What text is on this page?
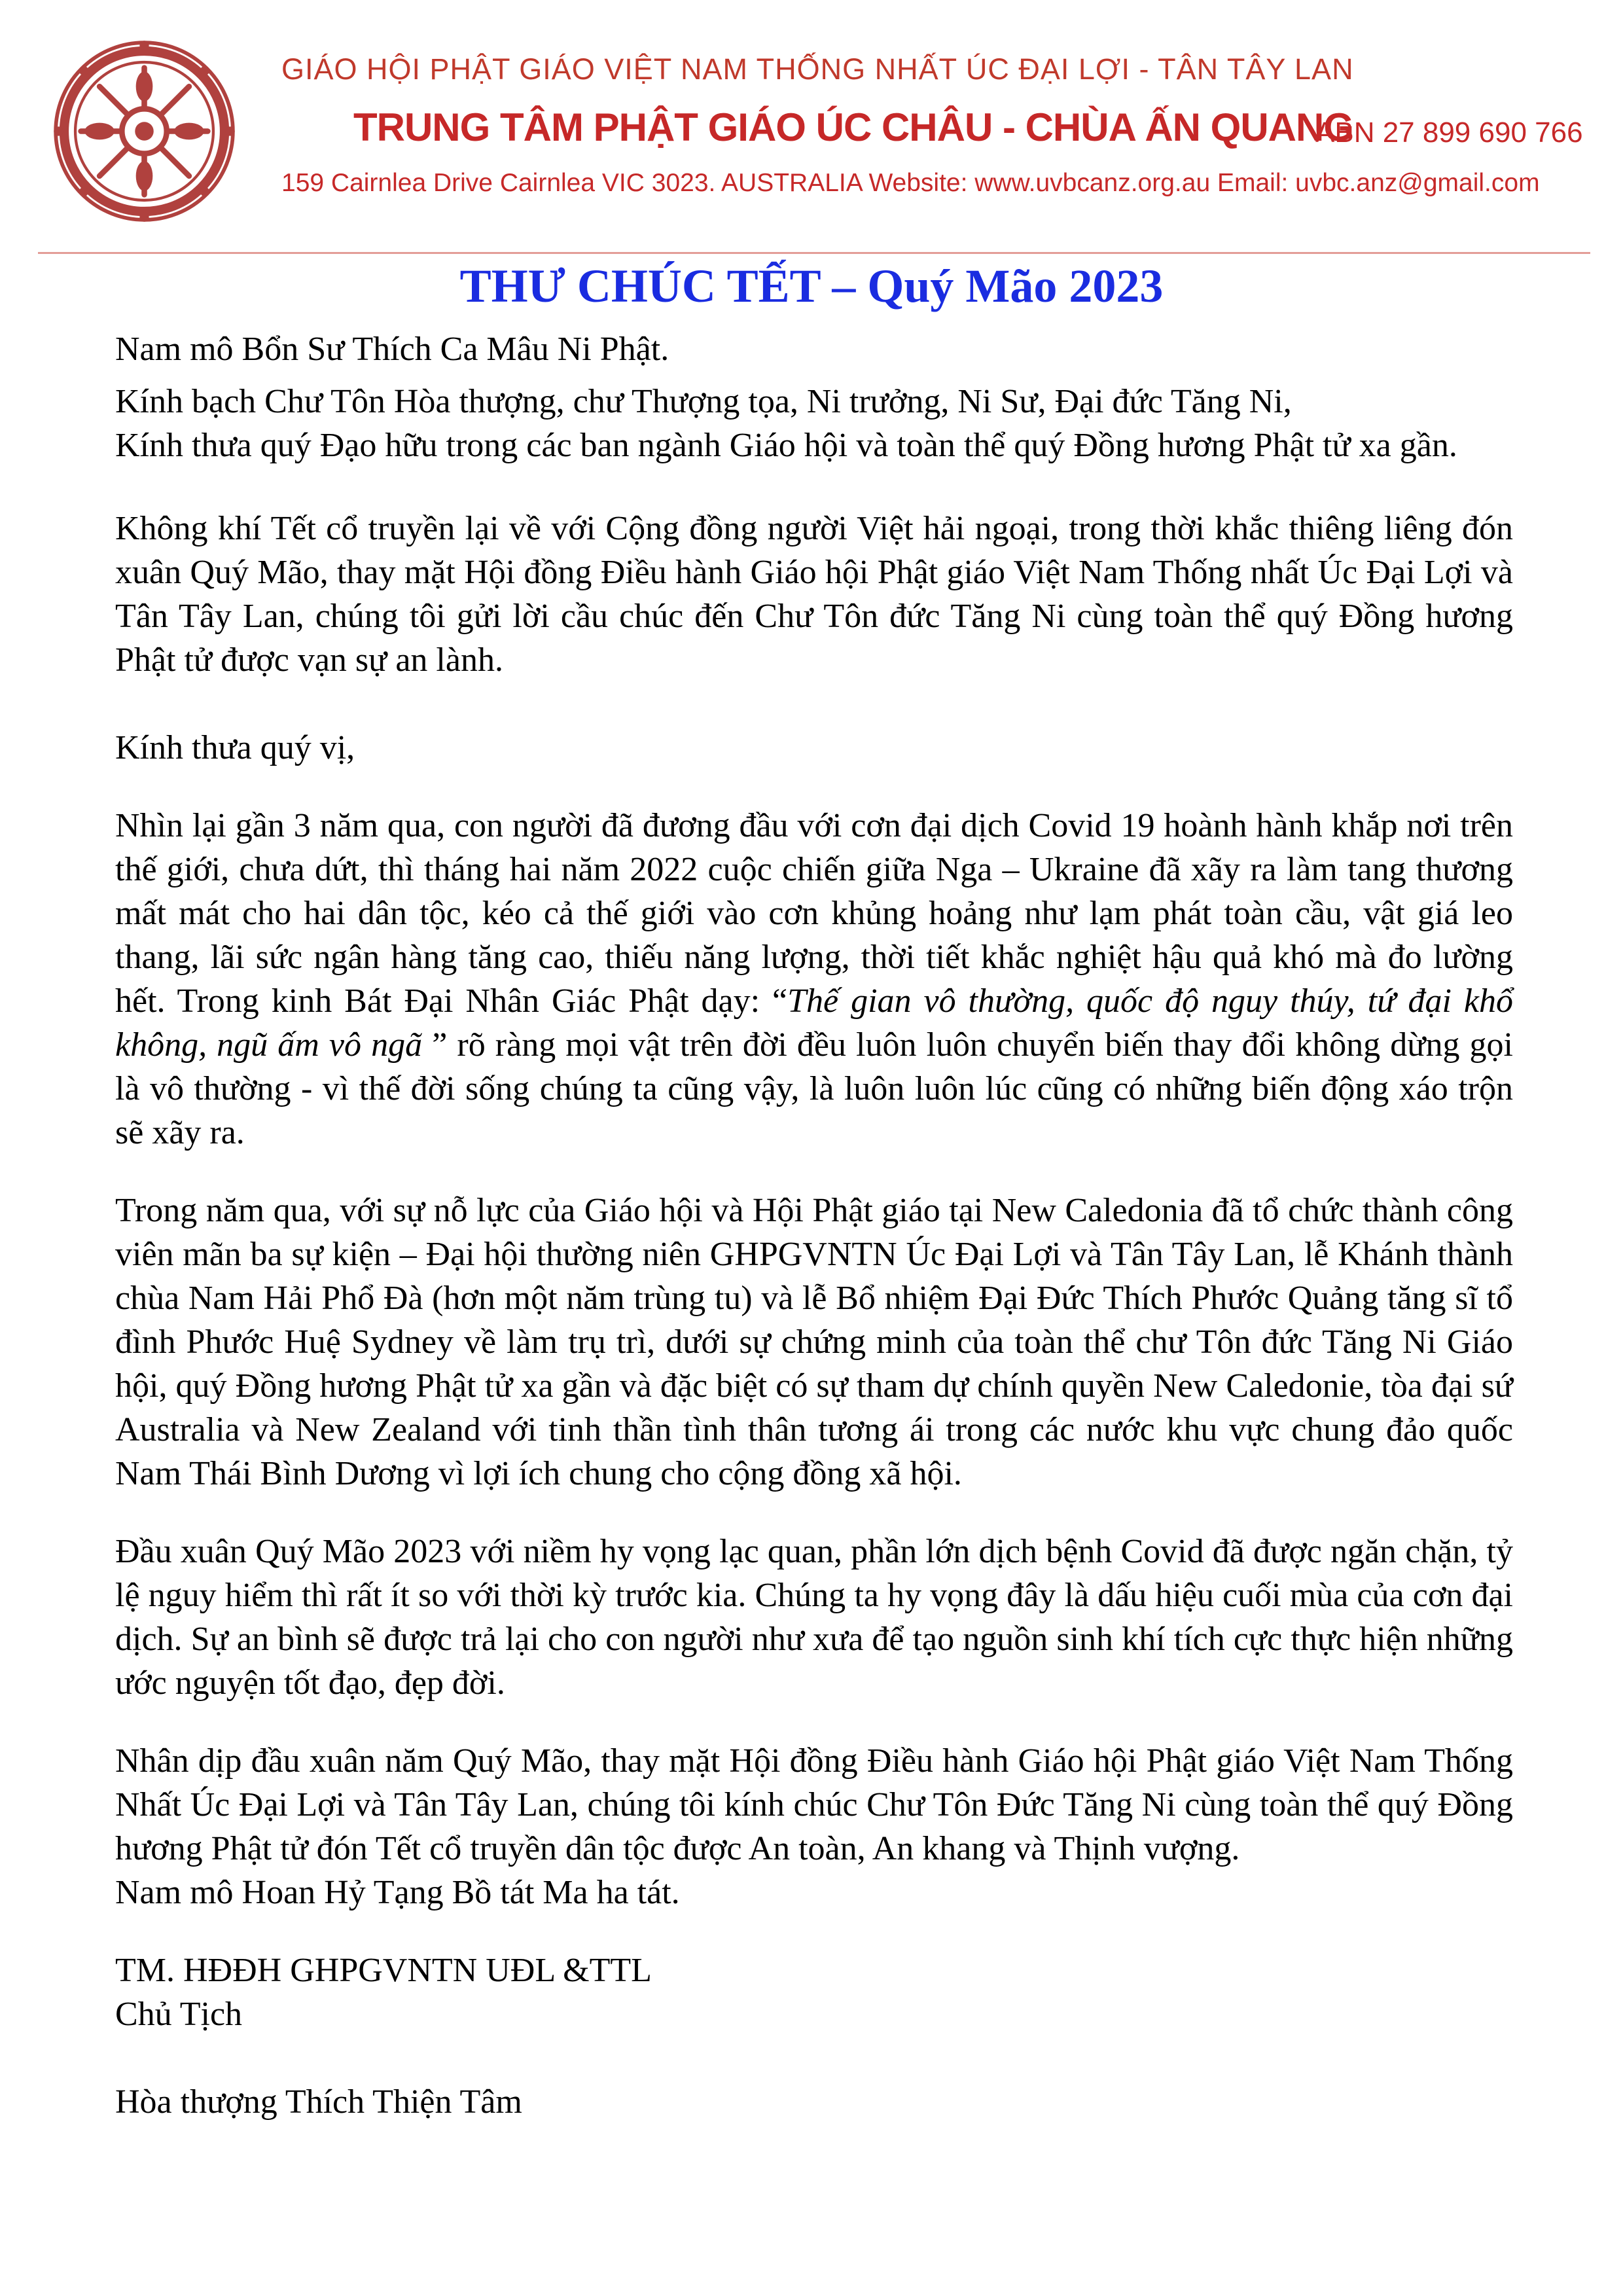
GIÁO HỘI PHẬT GIÁO VIỆT NAM THỐNG NHẤT ÚC ĐẠI LỢI - TÂN TÂY LAN
TRUNG TÂM PHẬT GIÁO ÚC CHÂU - CHÙA ẤN QUANG
ABN 27 899 690 766
159 Cairnlea Drive Cairnlea VIC 3023. AUSTRALIA Website: www.uvbcanz.org.au Email: uvbc.anz@gmail.com
THƯ CHÚC TẾT – Quý Mão 2023

Nam mô Bổn Sư Thích Ca Mâu Ni Phật.

Kính bạch Chư Tôn Hòa thượng, chư Thượng tọa, Ni trưởng, Ni Sư, Đại đức Tăng Ni,

Kính thưa quý Đạo hữu trong các ban ngành Giáo hội và toàn thể quý Đồng hương Phật tử xa gần.

Không khí Tết cổ truyền lại về với Cộng đồng người Việt hải ngoại, trong thời khắc thiêng liêng đón xuân Quý Mão, thay mặt Hội đồng Điều hành Giáo hội Phật giáo Việt Nam Thống nhất Úc Đại Lợi và Tân Tây Lan, chúng tôi gửi lời cầu chúc đến Chư Tôn đức Tăng Ni cùng toàn thể quý Đồng hương Phật tử được vạn sự an lành.

Kính thưa quý vị,

Nhìn lại gần 3 năm qua, con người đã đương đầu với cơn đại dịch Covid 19 hoành hành khắp nơi trên thế giới, chưa dứt, thì tháng hai năm 2022 cuộc chiến giữa Nga – Ukraine đã xãy ra làm tang thương mất mát cho hai dân tộc, kéo cả thế giới vào cơn khủng hoảng như lạm phát toàn cầu, vật giá leo thang, lãi sức ngân hàng tăng cao, thiếu năng lượng, thời tiết khắc nghiệt hậu quả khó mà đo lường hết. Trong kinh Bát Đại Nhân Giác Phật dạy: “Thế gian vô thường, quốc độ nguy thúy, tứ đại khổ không, ngũ ấm vô ngã ” rõ ràng mọi vật trên đời đều luôn luôn chuyển biến thay đổi không dừng gọi là vô thường - vì thế đời sống chúng ta cũng vậy, là luôn luôn lúc cũng có những biến động xáo trộn sẽ xãy ra.

Trong năm qua, với sự nỗ lực của Giáo hội và Hội Phật giáo tại New Caledonia đã tổ chức thành công viên mãn ba sự kiện – Đại hội thường niên GHPGVNTN Úc Đại Lợi và Tân Tây Lan, lễ Khánh thành chùa Nam Hải Phổ Đà (hơn một năm trùng tu) và lễ Bổ nhiệm Đại Đức Thích Phước Quảng tăng sĩ tổ đình Phước Huệ Sydney về làm trụ trì, dưới sự chứng minh của toàn thể chư Tôn đức Tăng Ni Giáo hội, quý Đồng hương Phật tử xa gần và đặc biệt có sự tham dự chính quyền New Caledonie, tòa đại sứ Australia và New Zealand với tinh thần tình thân tương ái trong các nước khu vực chung đảo quốc Nam Thái Bình Dương vì lợi ích chung cho cộng đồng xã hội.

Đầu xuân Quý Mão 2023 với niềm hy vọng lạc quan, phần lớn dịch bệnh Covid đã được ngăn chặn, tỷ lệ nguy hiểm thì rất ít so với thời kỳ trước kia. Chúng ta hy vọng đây là dấu hiệu cuối mùa của cơn đại dịch. Sự an bình sẽ được trả lại cho con người như xưa để tạo nguồn sinh khí tích cực thực hiện những ước nguyện tốt đạo, đẹp đời.

Nhân dịp đầu xuân năm Quý Mão, thay mặt Hội đồng Điều hành Giáo hội Phật giáo Việt Nam Thống Nhất Úc Đại Lợi và Tân Tây Lan, chúng tôi kính chúc Chư Tôn Đức Tăng Ni cùng toàn thể quý Đồng hương Phật tử đón Tết cổ truyền dân tộc được An toàn, An khang và Thịnh vượng.

Nam mô Hoan Hỷ Tạng Bồ tát Ma ha tát.

TM. HĐĐH GHPGVNTN UĐL &TTL

Chủ Tịch

Hòa thượng Thích Thiện Tâm
